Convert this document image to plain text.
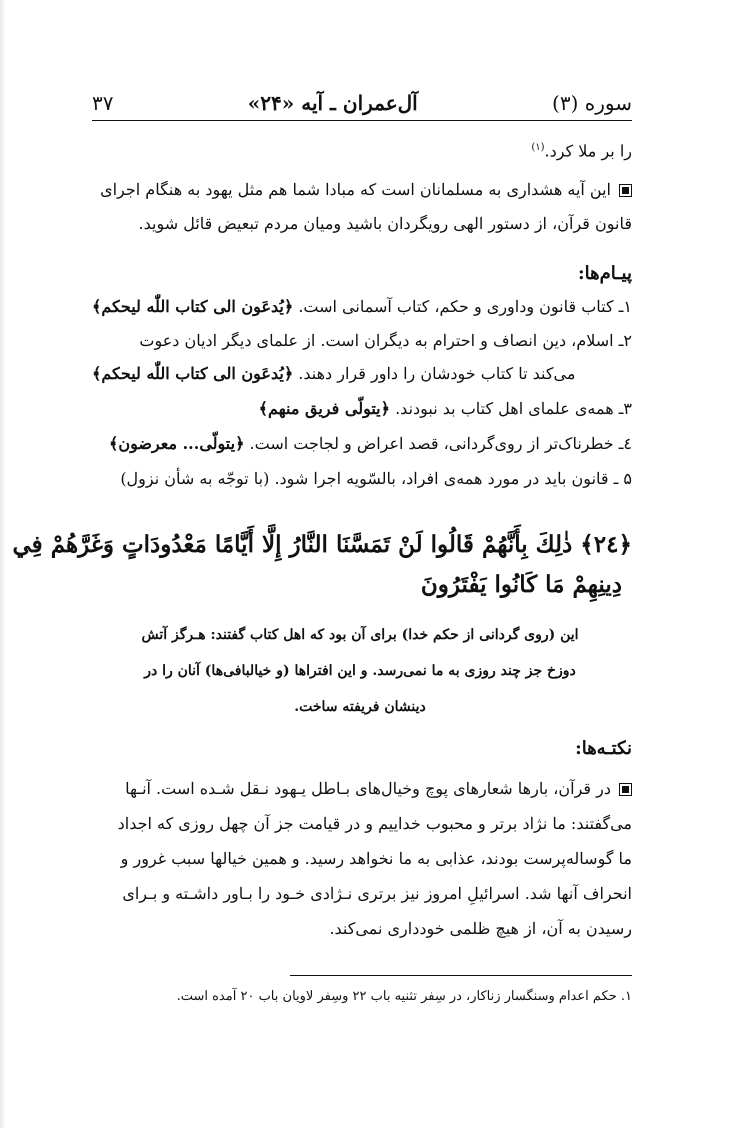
سوره (۳)
آل‌عمران ـ آیه «۲۴»
۳۷
را بر ملا کرد.$^{(۱)}$
این آیه هشداری به مسلمانان است که مبادا شما هم مثل یهود به هنگام اجرای
قانون قرآن، از دستور الهی رویگردان باشید ومیان مردم تبعیض قائل شوید.
پیـام‌ها:
۱ـ کتاب قانون وداوری و حکم، کتاب آسمانی است. ﴿یُدعَون الی کتاب اللّٰه لیحکم﴾
۲ـ اسلام، دین انصاف و احترام به دیگران است. از علمای دیگر ادیان دعوت
می‌کند تا کتاب خودشان را داور قرار دهند. ﴿یُدعَون الی کتاب اللّٰه لیحکم﴾
۳ـ همه‌ی علمای اهل کتاب بد نبودند. ﴿یتولّی فریق منهم﴾
٤ـ خطرناک‌تر از روی‌گردانی، قصد اعراض و لجاجت است. ﴿یتولّی... معرضون﴾
۵ ـ قانون باید در مورد همه‌ی افراد، بالسّویه اجرا شود. (با توجّه به شأن نزول)
﴿۲٤﴾ ذٰلِكَ بِأَنَّهُمْ قَالُوا لَنْ تَمَسَّنَا النَّارُ إِلَّا أَيَّامًا مَعْدُودَاتٍ وَغَرَّهُمْ فِي
دِينِهِمْ مَا كَانُوا يَفْتَرُونَ
این (روی گردانی از حکم خدا) برای آن بود که اهل کتاب گفتند: هـرگز آتش
دوزخ جز چند روزی به ما نمی‌رسد. و این افتراها (و خیالبافی‌ها) آنان را در
دینشان فریفته ساخت.
نکتـه‌ها:
در قرآن، بارها شعارهای پوچ وخیال‌های بـاطل یـهود نـقل شـده است. آنـها
می‌گفتند: ما نژاد برتر و محبوب خداییم و در قیامت جز آن چهل روزی که اجداد
ما گوساله‌پرست بودند، عذابی به ما نخواهد رسید. و همین خیالها سبب غرور و
انحراف آنها شد. اسرائیلِ امروز نیز برتری نـژادی خـود را بـاور داشـته و بـرای
رسیدن به آن، از هیچ ظلمی خودداری نمی‌کند.
۱. حکم اعدام وسنگسار زناکار، در سِفر تثنیه باب ۲۲ وسِفر لاویان باب ۲۰ آمده است.
